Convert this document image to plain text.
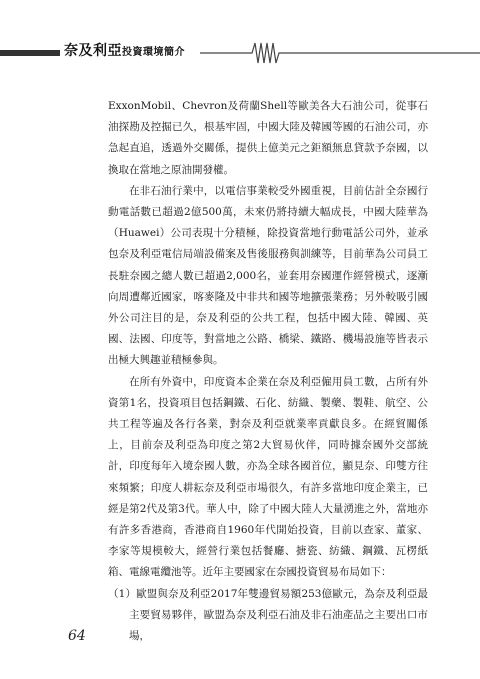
奈及利亞投資環境簡介

ExxonMobil、Chevron及荷蘭Shell等歐美各大石油公司，從事石油探勘及控掘已久，根基牢固，中國大陸及韓國等國的石油公司，亦急起直追，透過外交關係，提供上億美元之鉅額無息貸款予奈國，以換取在當地之原油開發權。

在非石油行業中，以電信事業較受外國重視，目前估計全奈國行動電話數已超過2億500萬，未來仍將持續大幅成長，中國大陸華為（Huawei）公司表現十分積極，除投資當地行動電話公司外，並承包奈及利亞電信局端設備案及售後服務與訓練等，目前華為公司員工長駐奈國之總人數已超過2,000名，並套用奈國運作經營模式，逐漸向周遭鄰近國家，喀麥隆及中非共和國等地擴張業務；另外較吸引國外公司注目的是，奈及利亞的公共工程，包括中國大陸、韓國、英國、法國、印度等，對當地之公路、橋梁、鐵路、機場設施等皆表示出極大興趣並積極參與。

在所有外資中，印度資本企業在奈及利亞僱用員工數，占所有外資第1名，投資項目包括鋼鐵、石化、紡織、製藥、製鞋、航空、公共工程等遍及各行各業，對奈及利亞就業率貢獻良多。在經貿關係上，目前奈及利亞為印度之第2大貿易伙伴，同時據奈國外交部統計，印度每年入境奈國人數，亦為全球各國首位，顯見奈、印雙方往來頻繁；印度人耕耘奈及利亞市場很久，有許多當地印度企業主，已經是第2代及第3代。華人中，除了中國大陸人大量湧進之外，當地亦有許多香港商，香港商自1960年代開始投資，目前以查家、董家、李家等規模較大，經營行業包括餐廳、搪瓷、紡織、鋼鐵、瓦楞紙箱、電線電纜池等。近年主要國家在奈國投資貿易布局如下：

（1）歐盟與奈及利亞2017年雙邊貿易額253億歐元，為奈及利亞最主要貿易夥伴，歐盟為奈及利亞石油及非石油產品之主要出口市場，

64
